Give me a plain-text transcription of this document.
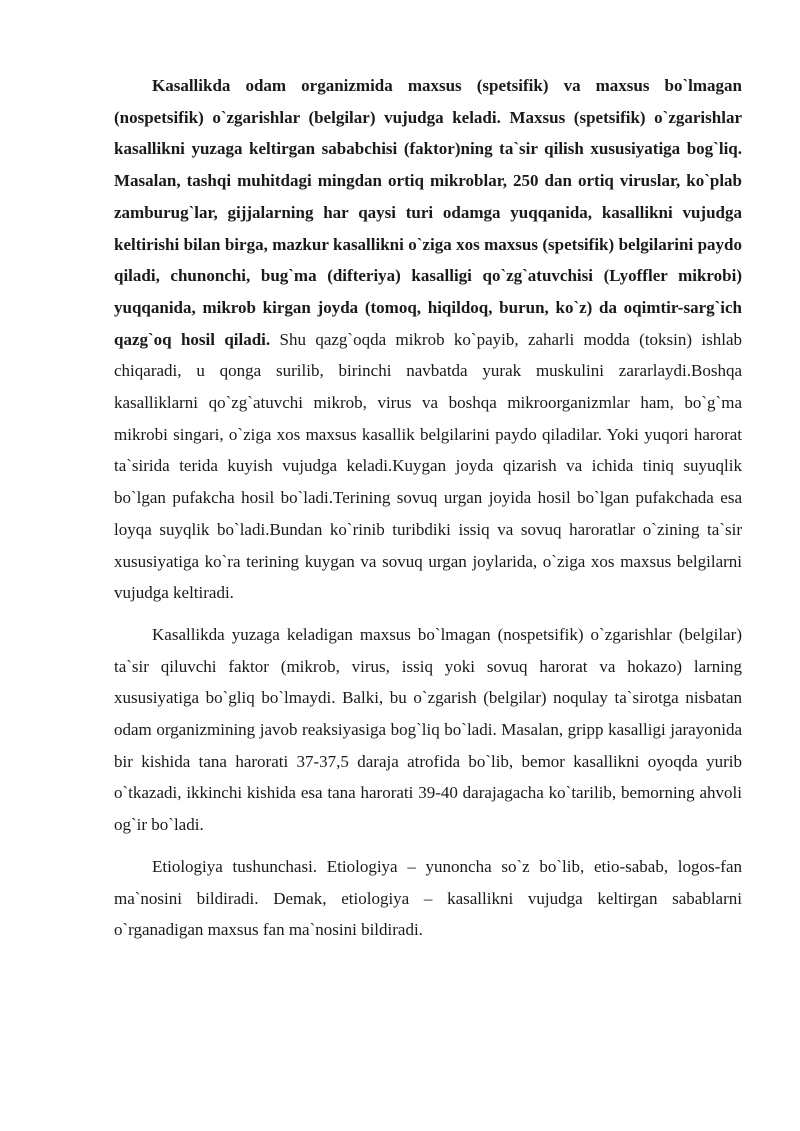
Kasallikda odam organizmida maxsus (spetsifik) va maxsus bo`lmagan (nospetsifik) o`zgarishlar (belgilar) vujudga keladi. Maxsus (spetsifik) o`zgarishlar kasallikni yuzaga keltirgan sababchisi (faktor)ning ta`sir qilish xususiyatiga bog`liq. Masalan, tashqi muhitdagi mingdan ortiq mikroblar, 250 dan ortiq viruslar, ko`plab zamburug`lar, gijjalarning har qaysi turi odamga yuqqanida, kasallikni vujudga keltirishi bilan birga, mazkur kasallikni o`ziga xos maxsus (spetsifik) belgilarini paydo qiladi, chunonchi, bug`ma (difteriya) kasalligi qo`zg`atuvchisi (Lyoffler mikrobi) yuqqanida, mikrob kirgan joyda (tomoq, hiqildoq, burun, ko`z) da oqimtir-sarg`ich qazg`oq hosil qiladi. Shu qazg`oqda mikrob ko`payib, zaharli modda (toksin) ishlab chiqaradi, u qonga surilib, birinchi navbatda yurak muskulini zararlaydi.Boshqa kasalliklarni qo`zg`atuvchi mikrob, virus va boshqa mikroorganizmlar ham, bo`g`ma mikrobi singari, o`ziga xos maxsus kasallik belgilarini paydo qiladilar. Yoki yuqori harorat ta`sirida terida kuyish vujudga keladi.Kuygan joyda qizarish va ichida tiniq suyuqlik bo`lgan pufakcha hosil bo`ladi.Terining sovuq urgan joyida hosil bo`lgan pufakchada esa loyqa suyqlik bo`ladi.Bundan ko`rinib turibdiki issiq va sovuq haroratlar o`zining ta`sir xususiyatiga ko`ra terining kuygan va sovuq urgan joylarida, o`ziga xos maxsus belgilarni vujudga keltiradi.

Kasallikda yuzaga keladigan maxsus bo`lmagan (nospetsifik) o`zgarishlar (belgilar) ta`sir qiluvchi faktor (mikrob, virus, issiq yoki sovuq harorat va hokazo) larning xususiyatiga bo`gliq bo`lmaydi. Balki, bu o`zgarish (belgilar) noqulay ta`sirotga nisbatan odam organizmining javob reaksiyasiga bog`liq bo`ladi. Masalan, gripp kasalligi jarayonida bir kishida tana harorati 37-37,5 daraja atrofida bo`lib, bemor kasallikni oyoqda yurib o`tkazadi, ikkinchi kishida esa tana harorati 39-40 darajagacha ko`tarilib, bemorning ahvoli og`ir bo`ladi.

Etiologiya tushunchasi. Etiologiya – yunoncha so`z bo`lib, etio-sabab, logos-fan ma`nosini bildiradi. Demak, etiologiya – kasallikni vujudga keltirgan sabablarni o`rganadigan maxsus fan ma`nosini bildiradi.
